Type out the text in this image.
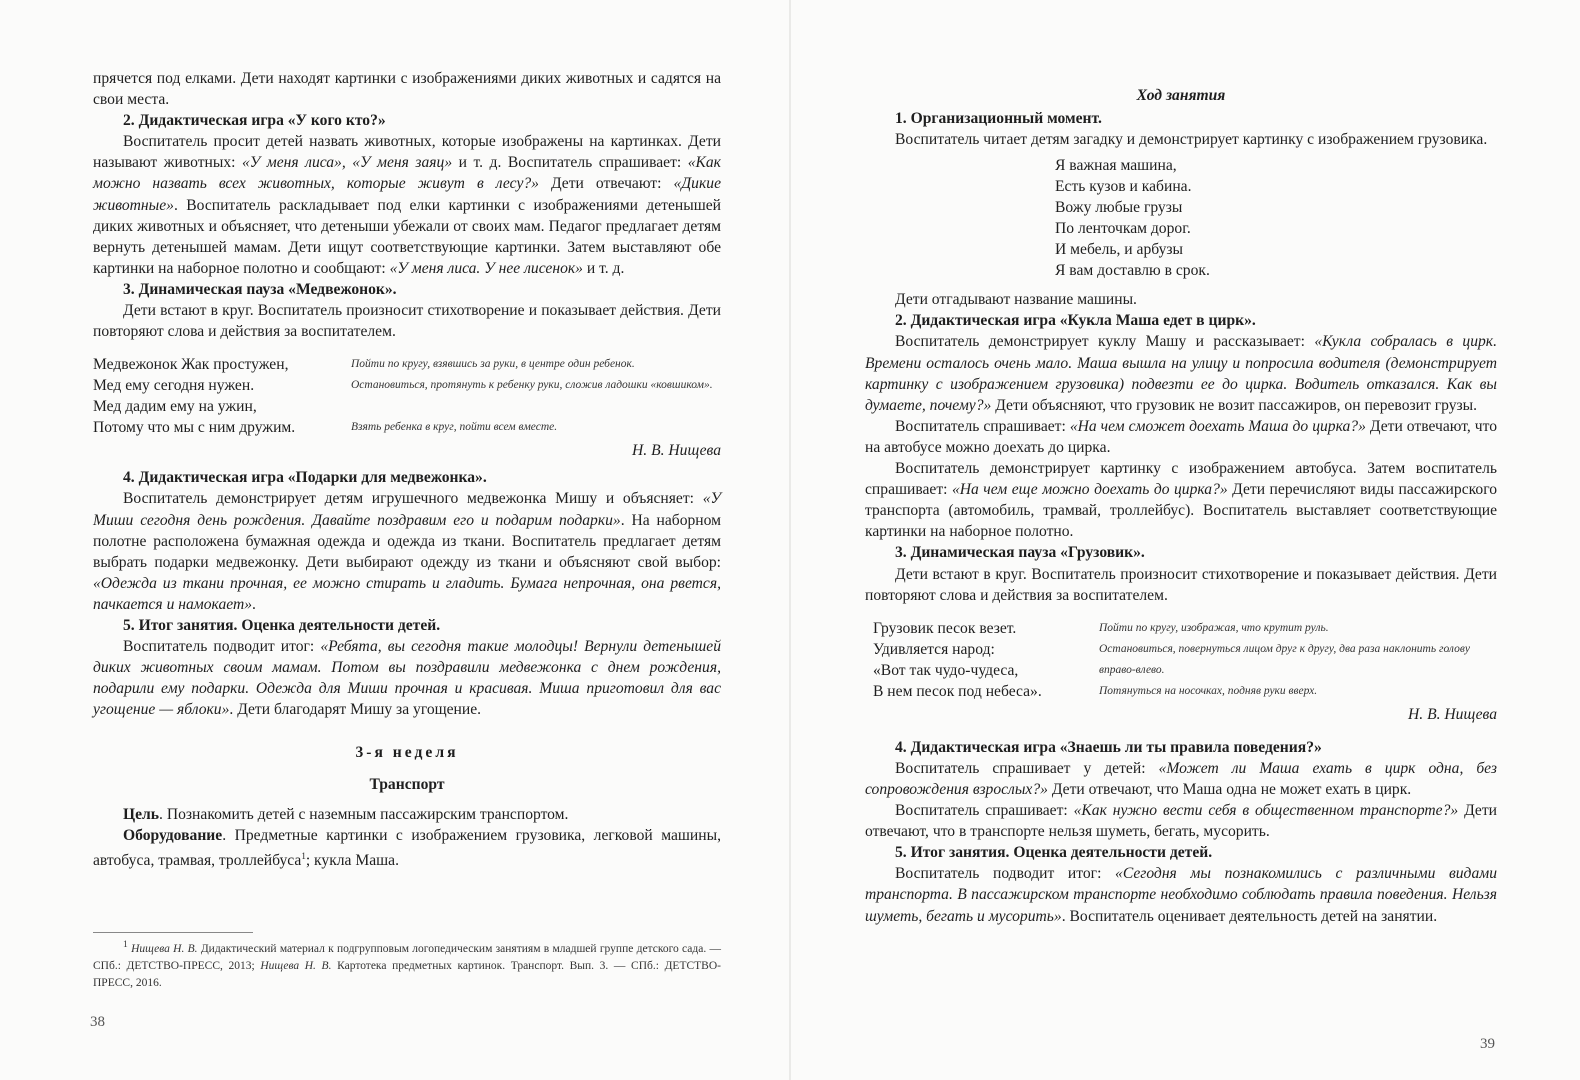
прячется под елками. Дети находят картинки с изображениями диких животных и садятся на свои места.

2. Дидактическая игра «У кого кто?»

Воспитатель просит детей назвать животных, которые изображены на картинках. Дети называют животных: «У меня лиса», «У меня заяц» и т. д. Воспитатель спрашивает: «Как можно назвать всех животных, которые живут в лесу?» Дети отвечают: «Дикие животные». Воспитатель раскладывает под елки картинки с изображениями детенышей диких животных и объясняет, что детеныши убежали от своих мам. Педагог предлагает детям вернуть детенышей мамам. Дети ищут соответствующие картинки. Затем выставляют обе картинки на наборное полотно и сообщают: «У меня лиса. У нее лисенок» и т. д.

3. Динамическая пауза «Медвежонок».

Дети встают в круг. Воспитатель произносит стихотворение и показывает действия. Дети повторяют слова и действия за воспитателем.

Медвежонок Жак простужен,	Пойти по кругу, взявшись за руки, в центре один ребенок.
Мед ему сегодня нужен.	Остановиться, протянуть к ребенку руки, сложив ладошки «ковшиком».
Мед дадим ему на ужин,	
Потому что мы с ним дружим.	Взять ребенка в круг, пойти всем вместе.

Н. В. Нищева

4. Дидактическая игра «Подарки для медвежонка».

Воспитатель демонстрирует детям игрушечного медвежонка Мишу и объясняет: «У Миши сегодня день рождения. Давайте поздравим его и подарим подарки». На наборном полотне расположена бумажная одежда и одежда из ткани. Воспитатель предлагает детям выбрать подарки медвежонку. Дети выбирают одежду из ткани и объясняют свой выбор: «Одежда из ткани прочная, ее можно стирать и гладить. Бумага непрочная, она рвется, пачкается и намокает».

5. Итог занятия. Оценка деятельности детей.

Воспитатель подводит итог: «Ребята, вы сегодня такие молодцы! Вернули детенышей диких животных своим мамам. Потом вы поздравили медвежонка с днем рождения, подарили ему подарки. Одежда для Миши прочная и красивая. Миша приготовил для вас угощение — яблоки». Дети благодарят Мишу за угощение.

3-я неделя
Транспорт

Цель. Познакомить детей с наземным пассажирским транспортом.

Оборудование. Предметные картинки с изображением грузовика, легковой машины, автобуса, трамвая, троллейбуса$^1$; кукла Маша.

$^1$ Нищева Н. В. Дидактический материал к подгрупповым логопедическим занятиям в младшей группе детского сада. — СПб.: ДЕТСТВО-ПРЕСС, 2013; Нищева Н. В. Картотека предметных картинок. Транспорт. Вып. 3. — СПб.: ДЕТСТВО-ПРЕСС, 2016.

38

Ход занятия

1. Организационный момент.

Воспитатель читает детям загадку и демонстрирует картинку с изображением грузовика.

Я важная машина,
Есть кузов и кабина.
Вожу любые грузы
По ленточкам дорог.
И мебель, и арбузы
Я вам доставлю в срок.

Дети отгадывают название машины.

2. Дидактическая игра «Кукла Маша едет в цирк».

Воспитатель демонстрирует куклу Машу и рассказывает: «Кукла собралась в цирк. Времени осталось очень мало. Маша вышла на улицу и попросила водителя (демонстрирует картинку с изображением грузовика) подвезти ее до цирка. Водитель отказался. Как вы думаете, почему?» Дети объясняют, что грузовик не возит пассажиров, он перевозит грузы.

Воспитатель спрашивает: «На чем сможет доехать Маша до цирка?» Дети отвечают, что на автобусе можно доехать до цирка.

Воспитатель демонстрирует картинку с изображением автобуса. Затем воспитатель спрашивает: «На чем еще можно доехать до цирка?» Дети перечисляют виды пассажирского транспорта (автомобиль, трамвай, троллейбус). Воспитатель выставляет соответствующие картинки на наборное полотно.

3. Динамическая пауза «Грузовик».

Дети встают в круг. Воспитатель произносит стихотворение и показывает действия. Дети повторяют слова и действия за воспитателем.

Грузовик песок везет.	Пойти по кругу, изображая, что крутит руль.
Удивляется народ:	Остановиться, повернуться лицом друг к другу, два раза наклонить голову вправо-влево.
«Вот так чудо-чудеса,	
В нем песок под небеса».	Потянуться на носочках, подняв руки вверх.

Н. В. Нищева

4. Дидактическая игра «Знаешь ли ты правила поведения?»

Воспитатель спрашивает у детей: «Может ли Маша ехать в цирк одна, без сопровождения взрослых?» Дети отвечают, что Маша одна не может ехать в цирк.

Воспитатель спрашивает: «Как нужно вести себя в общественном транспорте?» Дети отвечают, что в транспорте нельзя шуметь, бегать, мусорить.

5. Итог занятия. Оценка деятельности детей.

Воспитатель подводит итог: «Сегодня мы познакомились с различными видами транспорта. В пассажирском транспорте необходимо соблюдать правила поведения. Нельзя шуметь, бегать и мусорить». Воспитатель оценивает деятельность детей на занятии.

39
